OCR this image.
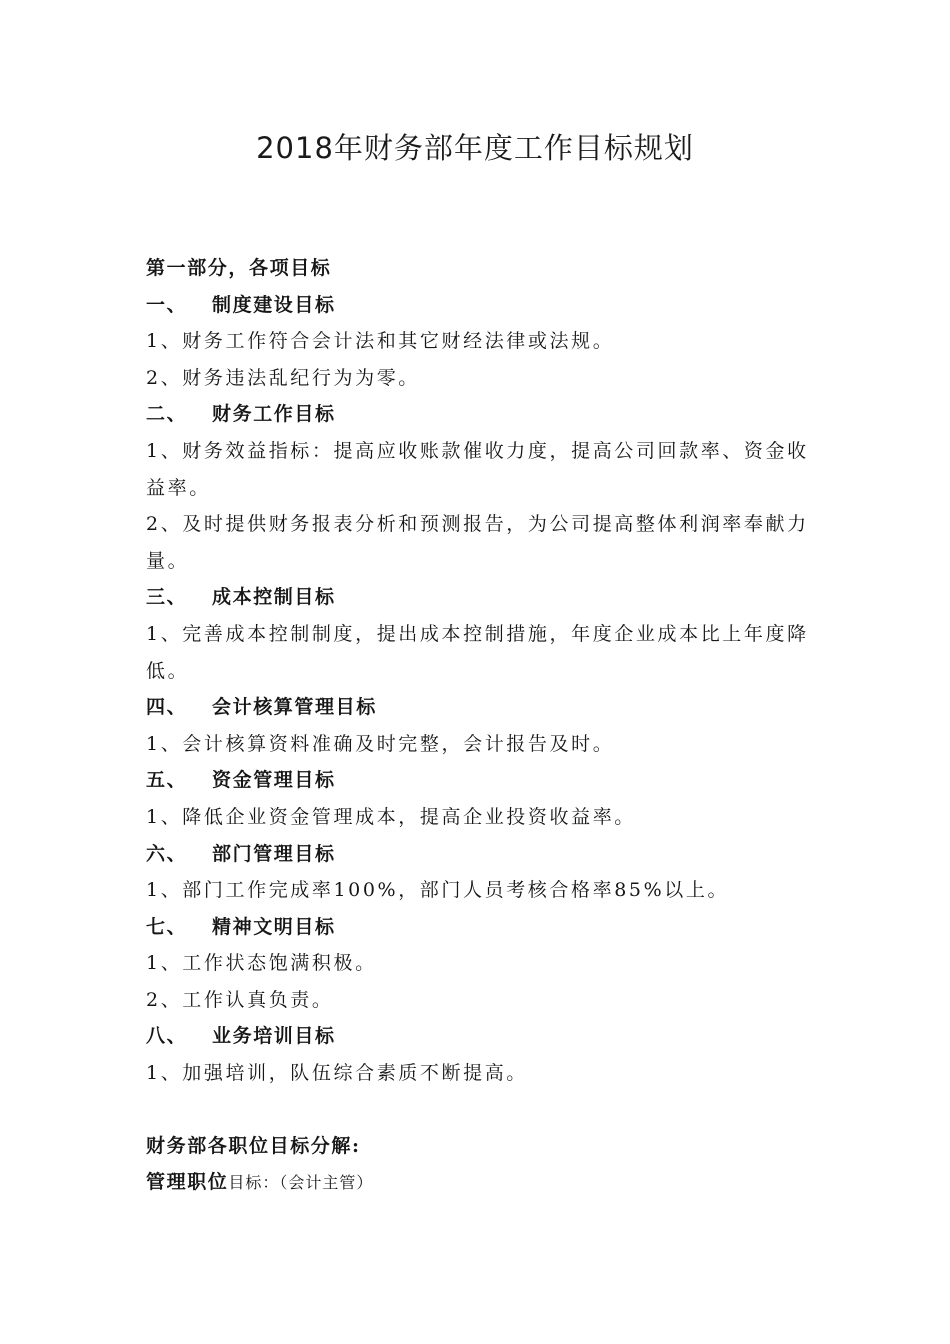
2018年财务部年度工作目标规划

第一部分，各项目标

一、	制度建设目标

1、财务工作符合会计法和其它财经法律或法规。

2、财务违法乱纪行为为零。

二、	财务工作目标

1、财务效益指标：提高应收账款催收力度，提高公司回款率、资金收益率。

2、及时提供财务报表分析和预测报告，为公司提高整体利润率奉献力量。

三、	成本控制目标

1、完善成本控制制度，提出成本控制措施，年度企业成本比上年度降低。

四、	会计核算管理目标

1、会计核算资料准确及时完整，会计报告及时。

五、	资金管理目标

1、降低企业资金管理成本，提高企业投资收益率。

六、	部门管理目标

1、部门工作完成率100%，部门人员考核合格率85%以上。

七、	精神文明目标

1、工作状态饱满积极。

2、工作认真负责。

八、	业务培训目标

1、加强培训，队伍综合素质不断提高。

财务部各职位目标分解:

管理职位目标：（会计主管）
